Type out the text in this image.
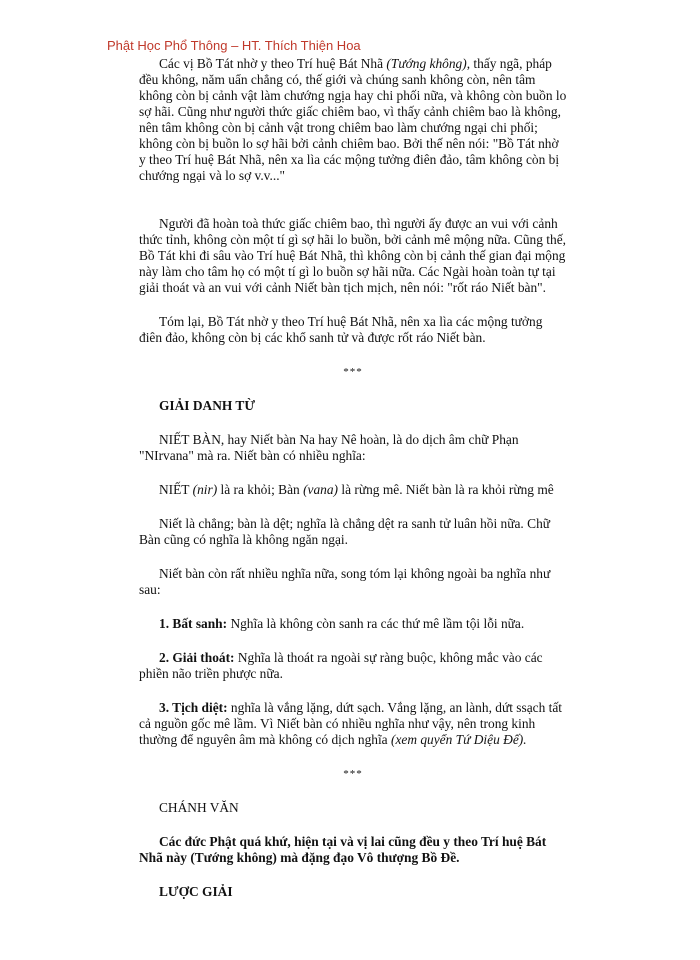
Phật Học Phổ Thông – HT. Thích Thiện Hoa

Các vị Bồ Tát nhờ y theo Trí huệ Bát Nhã (Tướng không), thấy ngã, pháp đều không, năm uẩn chẳng có, thế giới và chúng sanh không còn, nên tâm không còn bị cảnh vật làm chướng ngịa hay chi phối nữa, và không còn buồn lo sợ hãi. Cũng như người thức giấc chiêm bao, vì thấy cảnh chiêm bao là không, nên tâm không còn bị cảnh vật trong chiêm bao làm chướng ngại chi phối; không còn bị buồn lo sợ hãi bởi cảnh chiêm bao. Bởi thế nên nói: "Bồ Tát nhờ y theo Trí huệ Bát Nhã, nên xa lìa các mộng tưởng điên đảo, tâm không còn bị chướng ngại và lo sợ v.v..."

Người đã hoàn toà thức giấc chiêm bao, thì người ấy được an vui với cảnh thức tỉnh, không còn một tí gì sợ hãi lo buồn, bởi cảnh mê mộng nữa. Cũng thế, Bồ Tát khi đi sâu vào Trí huệ Bát Nhã, thì không còn bị cảnh thế gian đại mộng này làm cho tâm họ có một tí gì lo buồn sợ hãi nữa. Các Ngài hoàn toàn tự tại giải thoát và an vui với cảnh Niết bàn tịch mịch, nên nói: "rốt ráo Niết bàn".

Tóm lại, Bồ Tát nhờ y theo Trí huệ Bát Nhã, nên xa lìa các mộng tưởng điên đảo, không còn bị các khổ sanh tử và được rốt ráo Niết bàn.

***

GIẢI DANH TỪ

NIẾT BÀN, hay Niết bàn Na hay Nê hoàn, là do dịch âm chữ Phạn "NIrvana" mà ra. Niết bàn có nhiều nghĩa:

NIẾT (nir) là ra khỏi; Bàn (vana) là rừng mê. Niết bàn là ra khỏi rừng mê

Niết là chẳng; bàn là dệt; nghĩa là chẳng dệt ra sanh tử luân hồi nữa. Chữ Bàn cũng có nghĩa là không ngăn ngại.

Niết bàn còn rất nhiều nghĩa nữa, song tóm lại không ngoài ba nghĩa như sau:

1. Bất sanh: Nghĩa là không còn sanh ra các thứ mê lầm tội lỗi nữa.

2. Giải thoát: Nghĩa là thoát ra ngoài sự ràng buộc, không mắc vào các phiền não triền phược nữa.

3. Tịch diệt: nghĩa là vắng lặng, dứt sạch. Vắng lặng, an lành, dứt ssạch tất cả nguồn gốc mê lầm. Vì Niết bàn có nhiều nghĩa như vậy, nên trong kinh thường để nguyên âm mà không có dịch nghĩa (xem quyển Tứ Diệu Đế).

***

CHÁNH VĂN

Các đức Phật quá khứ, hiện tại và vị lai cũng đều y theo Trí huệ Bát Nhã này (Tướng không) mà đặng đạo Vô thượng Bồ Đề.

LƯỢC GIẢI
